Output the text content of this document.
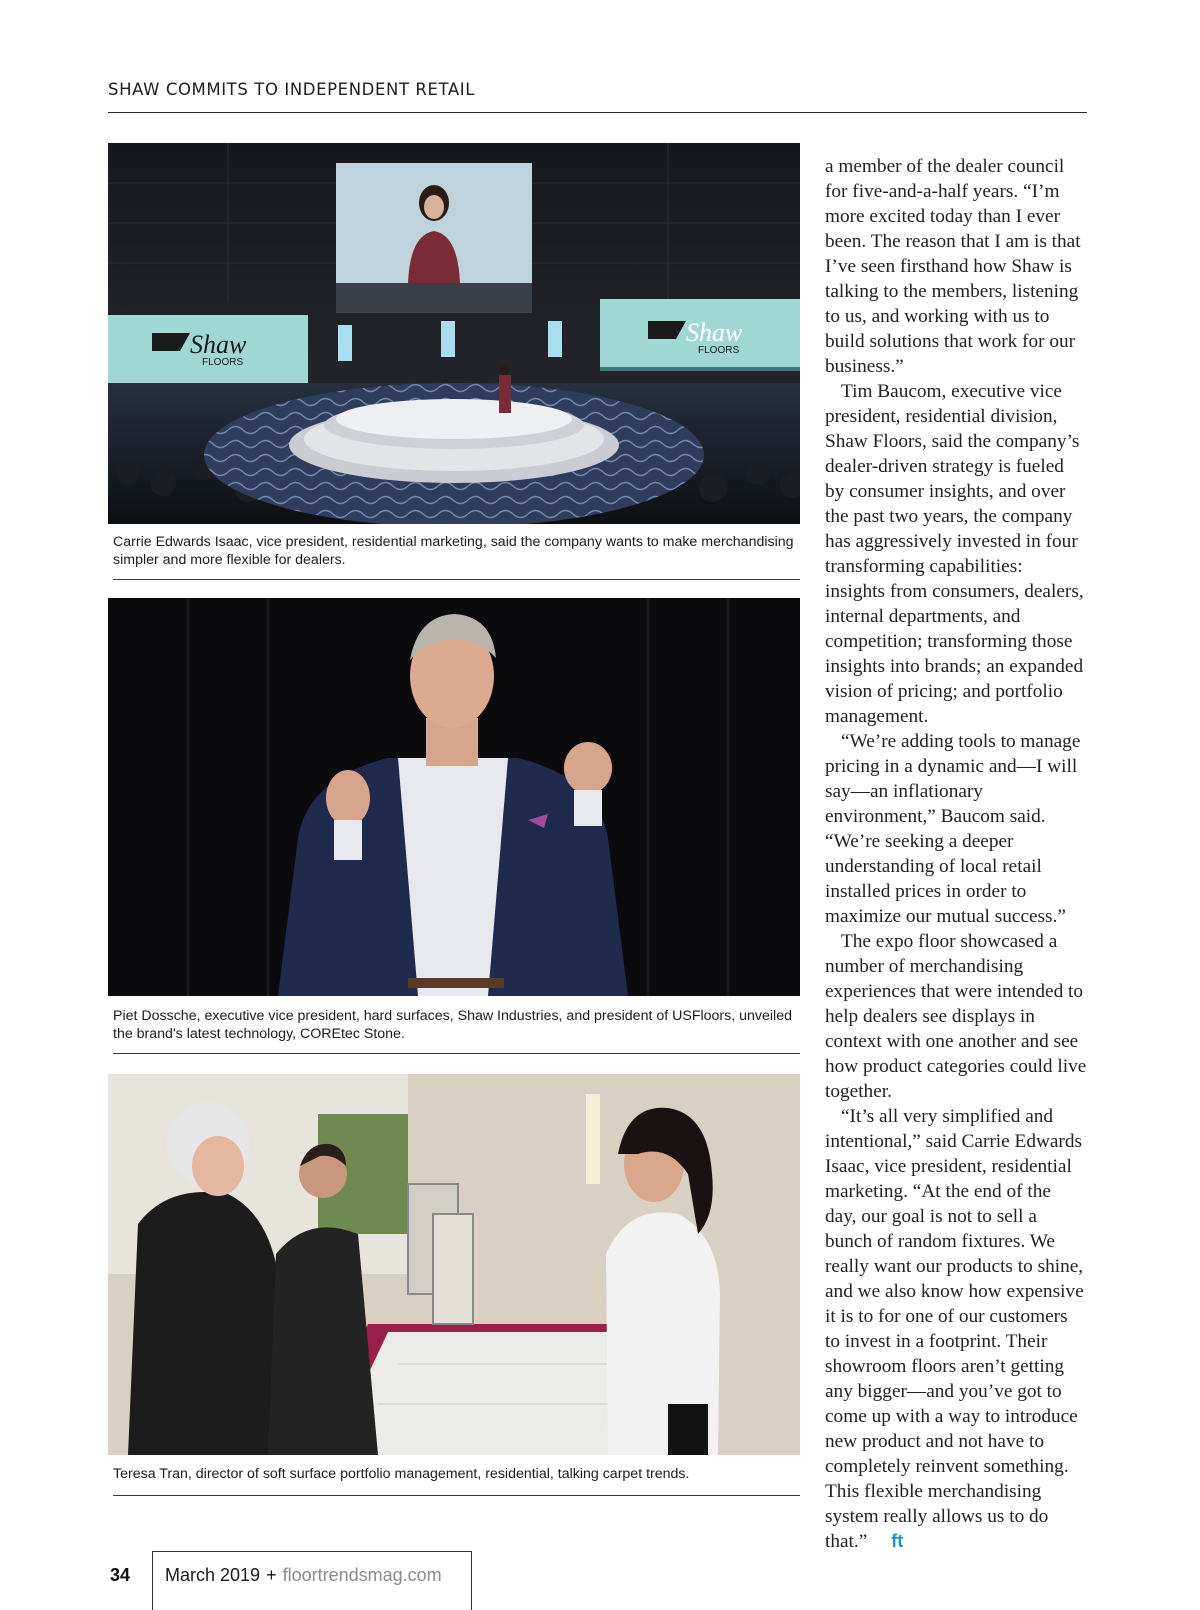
SHAW COMMITS TO INDEPENDENT RETAIL
Shaw
FLOORS
Shaw
FLOORS
Carrie Edwards Isaac, vice president, residential marketing, said the company wants to make merchandising simpler and more flexible for dealers.
Piet Dossche, executive vice president, hard surfaces, Shaw Industries, and president of USFloors, unveiled the brand's latest technology, COREtec Stone.
Teresa Tran, director of soft surface portfolio management, residential, talking carpet trends.

a member of the dealer council for five-and-a-half years. “I’m more excited today than I ever been. The reason that I am is that I’ve seen firsthand how Shaw is talking to the members, listening to us, and working with us to build solutions that work for our business.”

Tim Baucom, executive vice president, residential division, Shaw Floors, said the company’s dealer-driven strategy is fueled by consumer insights, and over the past two years, the company has aggressively invested in four transforming capabilities: insights from consumers, dealers, internal departments, and competition; transforming those insights into brands; an expanded vision of pricing; and portfolio management.

“We’re adding tools to manage pricing in a dynamic and—I will say—an inflationary environment,” Baucom said. “We’re seeking a deeper understanding of local retail installed prices in order to maximize our mutual success.”

The expo floor showcased a number of merchandising experiences that were intended to help dealers see displays in context with one another and see how product categories could live together.

“It’s all very simplified and intentional,” said Carrie Edwards Isaac, vice president, residential marketing. “At the end of the day, our goal is not to sell a bunch of random fixtures. We really want our products to shine, and we also know how expensive it is to for one of our customers to invest in a footprint. Their showroom floors aren’t getting any bigger—and you’ve got to come up with a way to introduce new product and not have to completely reinvent something. This flexible merchandising system really allows us to do that.” ft

34 March 2019 + floortrendsmag.com
